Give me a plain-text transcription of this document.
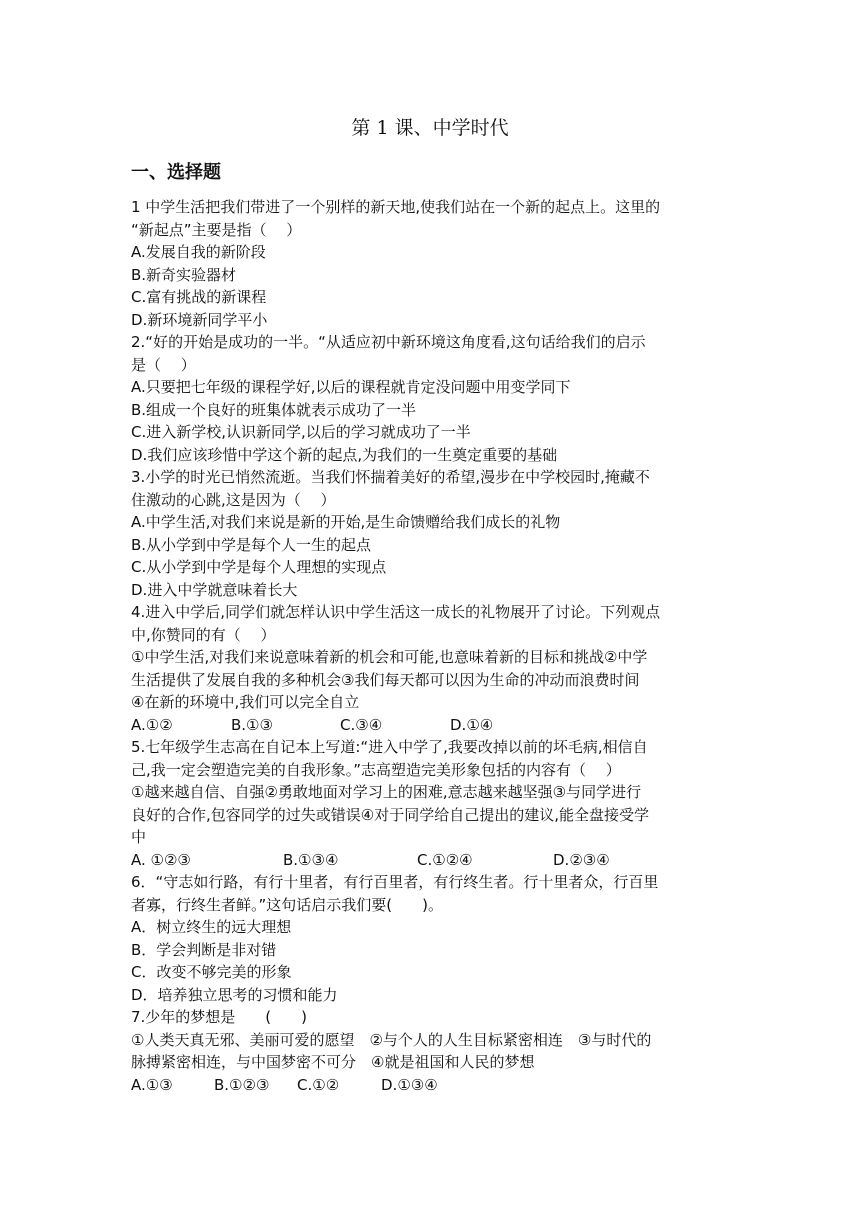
第 1 课、中学时代
一、选择题
1 中学生活把我们带进了一个别样的新天地,使我们站在一个新的起点上。这里的
“新起点”主要是指（　 ）
A.发展自我的新阶段
B.新奇实验器材
C.富有挑战的新课程
D.新环境新同学平小
2.“好的开始是成功的一半。“从适应初中新环境这角度看,这句话给我们的启示
是（　 ）
A.只要把七年级的课程学好,以后的课程就肯定没问题中用变学同下
B.组成一个良好的班集体就表示成功了一半
C.进入新学校,认识新同学,以后的学习就成功了一半
D.我们应该珍惜中学这个新的起点,为我们的一生奠定重要的基础
3.小学的时光已悄然流逝。当我们怀揣着美好的希望,漫步在中学校园时,掩藏不
住激动的心跳,这是因为（　 ）
A.中学生活,对我们来说是新的开始,是生命馈赠给我们成长的礼物
B.从小学到中学是每个人一生的起点
C.从小学到中学是每个人理想的实现点
D.进入中学就意味着长大
4.进入中学后,同学们就怎样认识中学生活这一成长的礼物展开了讨论。下列观点
中,你赞同的有（　 ）
①中学生活,对我们来说意味着新的机会和可能,也意味着新的目标和挑战②中学
生活提供了发展自我的多种机会③我们每天都可以因为生命的冲动而浪费时间
④在新的环境中,我们可以完全自立
A.①②	B.①③	C.③④	D.①④
5.七年级学生志高在自记本上写道:“进入中学了,我要改掉以前的坏毛病,相信自
己,我一定会塑造完美的自我形象。”志高塑造完美形象包括的内容有（　 ）
①越来越自信、自强②勇敢地面对学习上的困难,意志越来越坚强③与同学进行
良好的合作,包容同学的过失或错误④对于同学给自己提出的建议,能全盘接受学
中
A. ①②③	B.①③④	C.①②④	D.②③④
6．“守志如行路，有行十里者，有行百里者，有行终生者。行十里者众，行百里
者寡，行终生者鲜。”这句话启示我们要(　　)。
A．树立终生的远大理想
B．学会判断是非对错
C．改变不够完美的形象
D．培养独立思考的习惯和能力
7.少年的梦想是　　(　　)
①人类天真无邪、美丽可爱的愿望　②与个人的人生目标紧密相连　③与时代的
脉搏紧密相连，与中国梦密不可分　④就是祖国和人民的梦想
A.①③	B.①②③	C.①②	D.①③④
